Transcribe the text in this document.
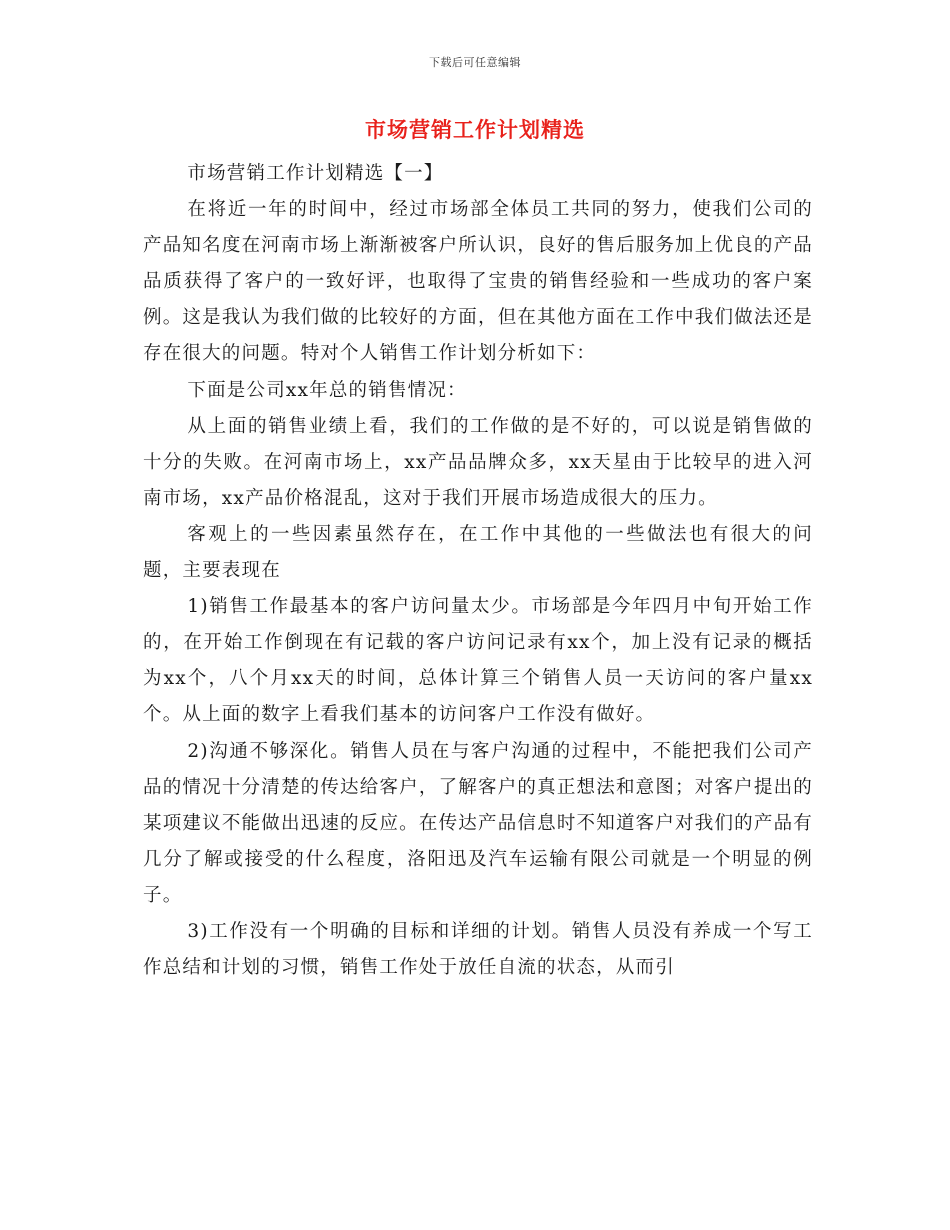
下载后可任意编辑
市场营销工作计划精选

市场营销工作计划精选【一】

在将近一年的时间中，经过市场部全体员工共同的努力，使我们公司的产品知名度在河南市场上渐渐被客户所认识，良好的售后服务加上优良的产品品质获得了客户的一致好评，也取得了宝贵的销售经验和一些成功的客户案例。这是我认为我们做的比较好的方面，但在其他方面在工作中我们做法还是存在很大的问题。特对个人销售工作计划分析如下：

下面是公司xx年总的销售情况：

从上面的销售业绩上看，我们的工作做的是不好的，可以说是销售做的十分的失败。在河南市场上，xx产品品牌众多，xx天星由于比较早的进入河南市场，xx产品价格混乱，这对于我们开展市场造成很大的压力。

客观上的一些因素虽然存在，在工作中其他的一些做法也有很大的问题，主要表现在

1)销售工作最基本的客户访问量太少。市场部是今年四月中旬开始工作的，在开始工作倒现在有记载的客户访问记录有xx个，加上没有记录的概括为xx个，八个月xx天的时间，总体计算三个销售人员一天访问的客户量xx个。从上面的数字上看我们基本的访问客户工作没有做好。

2)沟通不够深化。销售人员在与客户沟通的过程中，不能把我们公司产品的情况十分清楚的传达给客户，了解客户的真正想法和意图；对客户提出的某项建议不能做出迅速的反应。在传达产品信息时不知道客户对我们的产品有几分了解或接受的什么程度，洛阳迅及汽车运输有限公司就是一个明显的例子。

3)工作没有一个明确的目标和详细的计划。销售人员没有养成一个写工作总结和计划的习惯，销售工作处于放任自流的状态，从而引
